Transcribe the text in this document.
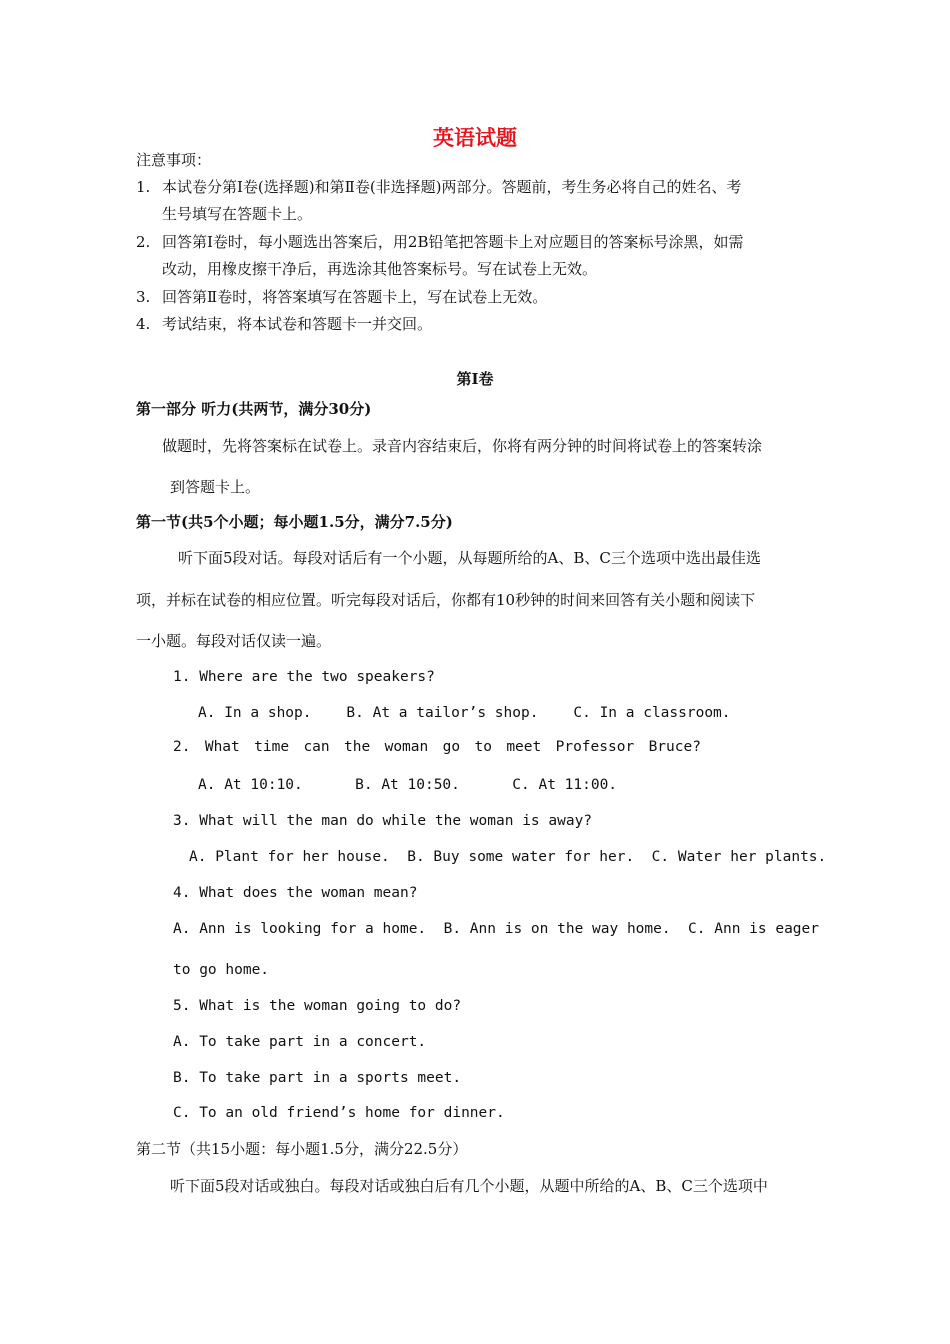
英语试题
注意事项：
1. 本试卷分第Ⅰ卷(选择题)和第Ⅱ卷(非选择题)两部分。答题前，考生务必将自己的姓名、考
生号填写在答题卡上。
2. 回答第Ⅰ卷时，每小题选出答案后，用2B铅笔把答题卡上对应题目的答案标号涂黑，如需
改动，用橡皮擦干净后，再选涂其他答案标号。写在试卷上无效。
3. 回答第Ⅱ卷时，将答案填写在答题卡上，写在试卷上无效。
4. 考试结束，将本试卷和答题卡一并交回。
第Ⅰ卷
第一部分 听力(共两节，满分30分)
做题时，先将答案标在试卷上。录音内容结束后，你将有两分钟的时间将试卷上的答案转涂
到答题卡上。
第一节(共5个小题；每小题1.5分，满分7.5分)
听下面5段对话。每段对话后有一个小题，从每题所给的A、B、C三个选项中选出最佳选
项，并标在试卷的相应位置。听完每段对话后，你都有10秒钟的时间来回答有关小题和阅读下
一小题。每段对话仅读一遍。
1. Where are the two speakers?
A. In a shop.    B. At a tailor’s shop.    C. In a classroom.
2. What time can the woman go to meet Professor Bruce?
A. At 10:10.      B. At 10:50.      C. At 11:00.
3. What will the man do while the woman is away?
A. Plant for her house.  B. Buy some water for her.  C. Water her plants.
4. What does the woman mean?
A. Ann is looking for a home.  B. Ann is on the way home.  C. Ann is eager
to go home.
5. What is the woman going to do?
A. To take part in a concert.
B. To take part in a sports meet.
C. To an old friend’s home for dinner.
第二节（共15小题：每小题1.5分，满分22.5分）
听下面5段对话或独白。每段对话或独白后有几个小题，从题中所给的A、B、C三个选项中
